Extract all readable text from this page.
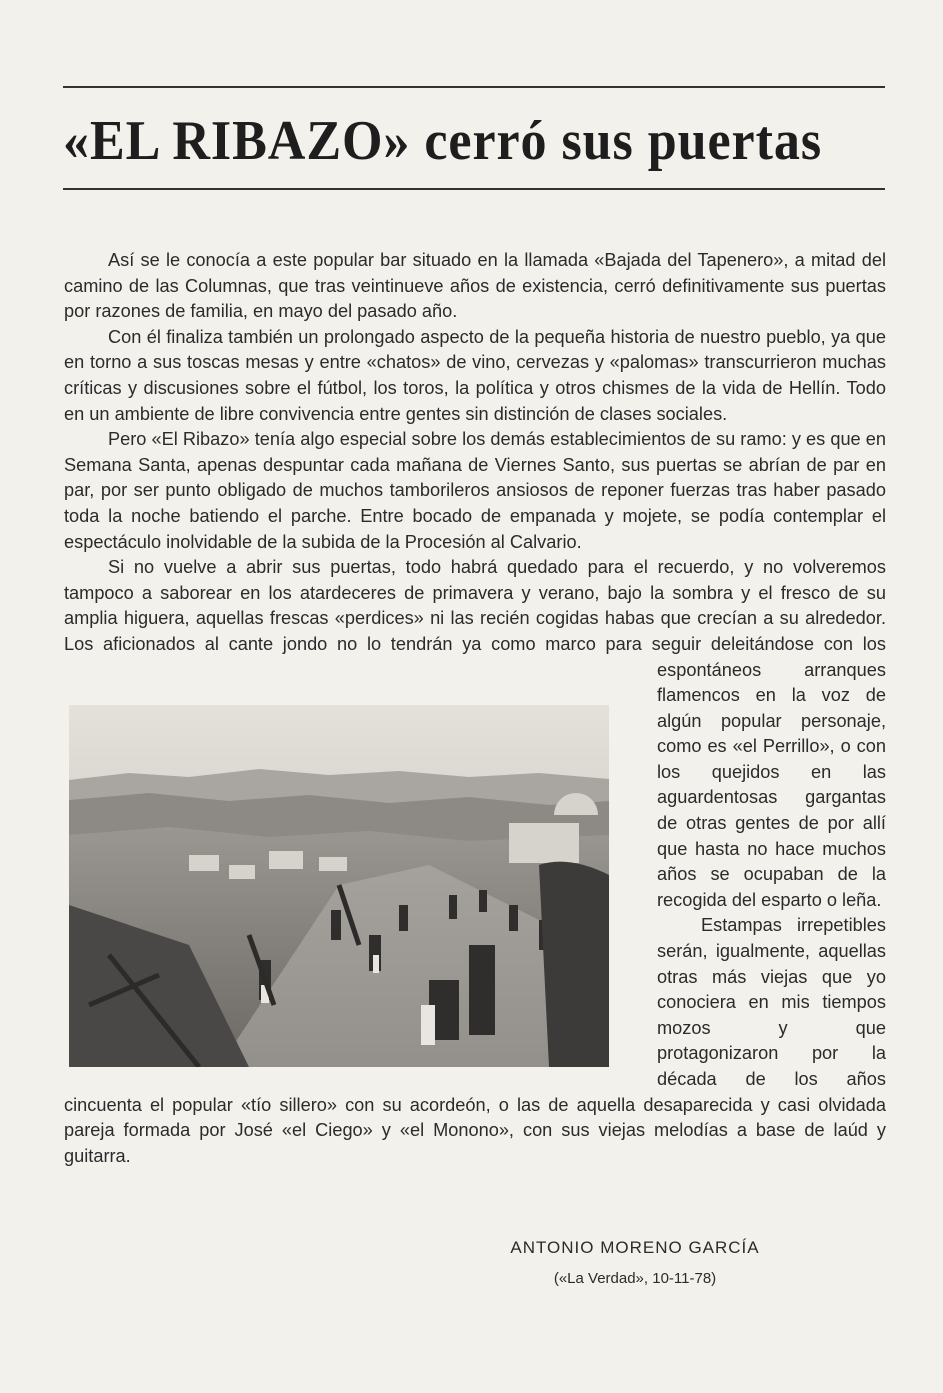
«EL RIBAZO» cerró sus puertas

Así se le conocía a este popular bar situado en la llamada «Bajada del Tapenero», a mitad del camino de las Columnas, que tras veintinueve años de existencia, cerró definitivamente sus puertas por razones de familia, en mayo del pasado año.

Con él finaliza también un prolongado aspecto de la pequeña historia de nuestro pueblo, ya que en torno a sus toscas mesas y entre «chatos» de vino, cervezas y «palomas» transcurrieron muchas críticas y discusiones sobre el fútbol, los toros, la política y otros chismes de la vida de Hellín. Todo en un ambiente de libre convivencia entre gentes sin distinción de clases sociales.

Pero «El Ribazo» tenía algo especial sobre los demás establecimientos de su ramo: y es que en Semana Santa, apenas despuntar cada mañana de Viernes Santo, sus puertas se abrían de par en par, por ser punto obligado de muchos tamborileros ansiosos de reponer fuerzas tras haber pasado toda la noche batiendo el parche. Entre bocado de empanada y mojete, se podía contemplar el espectáculo inolvidable de la subida de la Procesión al Calvario.

Si no vuelve a abrir sus puertas, todo habrá quedado para el recuerdo, y no volveremos tampoco a saborear en los atardeceres de primavera y verano, bajo la sombra y el fresco de su amplia higuera, aquellas frescas «perdices» ni las recién cogidas habas que crecían a su alrededor. Los aficionados al cante jondo no lo tendrán ya como marco para seguir deleitándose con los espontáneos arranques flamencos en la voz de algún popular personaje, como es «el Perrillo», o con los quejidos en las aguardentosas gargantas de otras gentes de por allí que hasta no hace muchos años se ocupaban de la recogida del esparto o leña.

Estampas irrepetibles serán, igualmente, aquellas otras más viejas que yo conociera en mis tiempos mozos y que protagonizaron por la década de los años cincuenta el popular «tío sillero» con su acordeón, o las de aquella desaparecida y casi olvidada pareja formada por José «el Ciego» y «el Monono», con sus viejas melodías a base de laúd y guitarra.

ANTONIO MORENO GARCÍA
(«La Verdad», 10-11-78)
